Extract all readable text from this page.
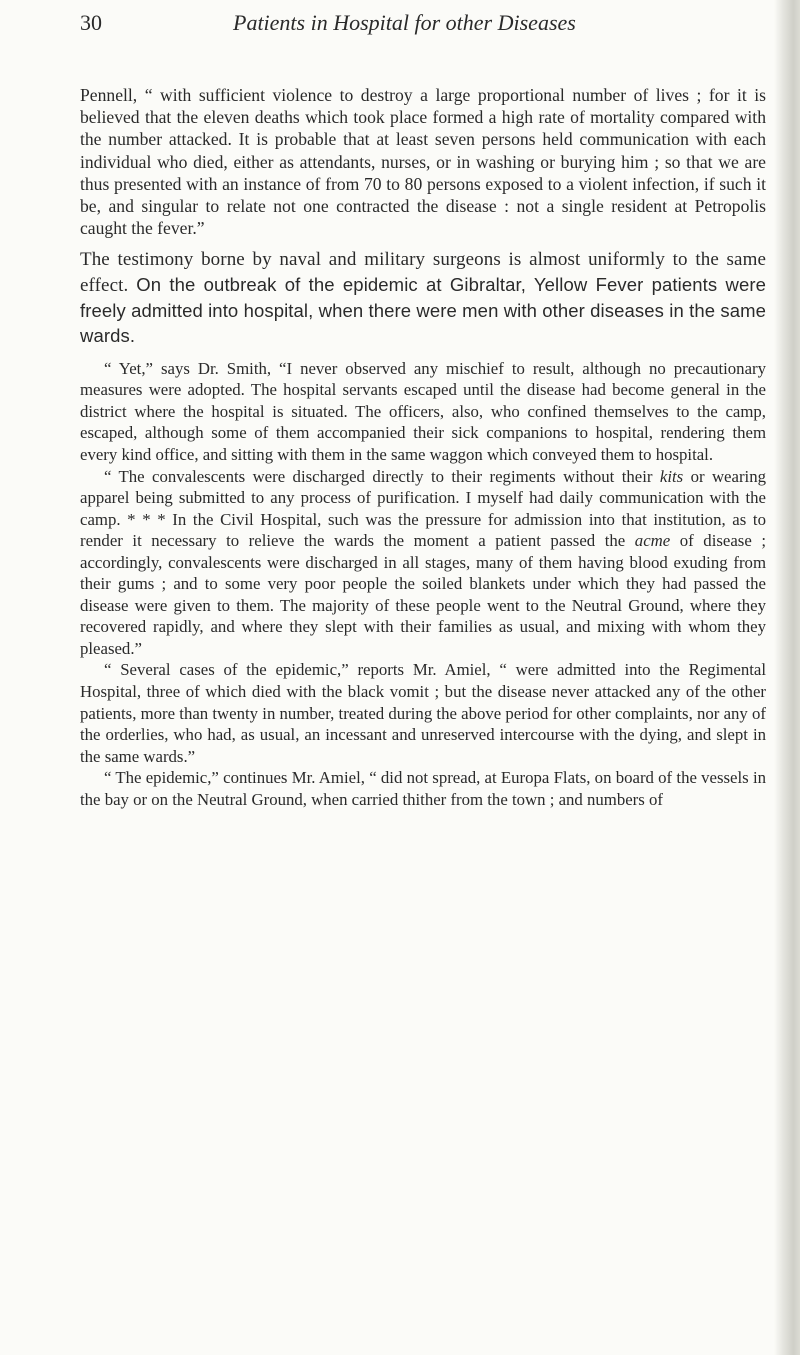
30	Patients in Hospital for other Diseases

Pennell, “ with sufficient violence to destroy a large proportional number of lives ; for it is believed that the eleven deaths which took place formed a high rate of mortality compared with the number attacked. It is probable that at least seven persons held communication with each individual who died, either as attendants, nurses, or in washing or burying him ; so that we are thus presented with an instance of from 70 to 80 persons exposed to a violent infection, if such it be, and singular to relate not one contracted the disease : not a single resident at Petropolis caught the fever.”

The testimony borne by naval and military surgeons is almost uniformly to the same effect. On the outbreak of the epidemic at Gibraltar, Yellow Fever patients were freely admitted into hospital, when there were men with other diseases in the same wards.

“ Yet,” says Dr. Smith, “I never observed any mischief to result, although no precautionary measures were adopted. The hospital servants escaped until the disease had become general in the district where the hospital is situated. The officers, also, who confined themselves to the camp, escaped, although some of them accompanied their sick companions to hospital, rendering them every kind office, and sitting with them in the same waggon which conveyed them to hospital.

“ The convalescents were discharged directly to their regiments without their kits or wearing apparel being submitted to any process of purification. I myself had daily communication with the camp. * * * In the Civil Hospital, such was the pressure for admission into that institution, as to render it necessary to relieve the wards the moment a patient passed the acme of disease ; accordingly, convalescents were discharged in all stages, many of them having blood exuding from their gums ; and to some very poor people the soiled blankets under which they had passed the disease were given to them. The majority of these people went to the Neutral Ground, where they recovered rapidly, and where they slept with their families as usual, and mixing with whom they pleased.”

“ Several cases of the epidemic,” reports Mr. Amiel, “ were admitted into the Regimental Hospital, three of which died with the black vomit ; but the disease never attacked any of the other patients, more than twenty in number, treated during the above period for other complaints, nor any of the orderlies, who had, as usual, an incessant and unreserved intercourse with the dying, and slept in the same wards.”

“ The epidemic,” continues Mr. Amiel, “ did not spread, at Europa Flats, on board of the vessels in the bay or on the Neutral Ground, when carried thither from the town ; and numbers of
